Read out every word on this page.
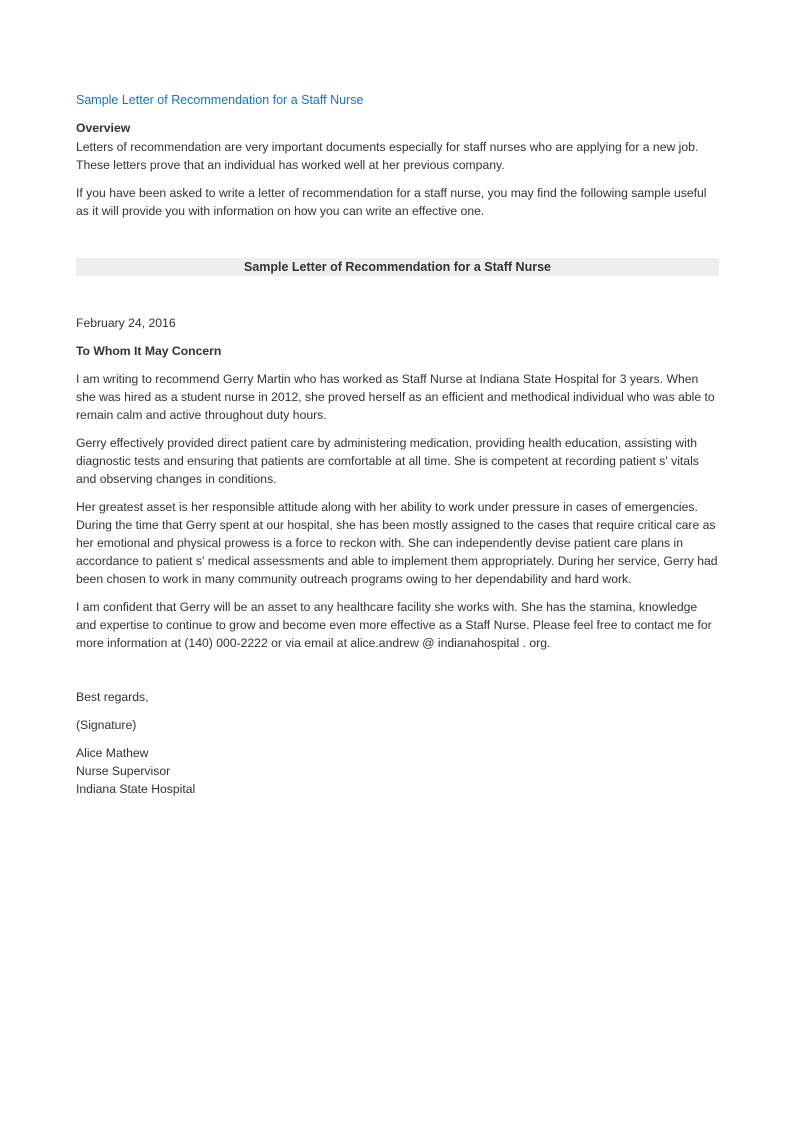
Sample Letter of Recommendation for a Staff Nurse
Overview

Letters of recommendation are very important documents especially for staff nurses who are applying for a new job. These letters prove that an individual has worked well at her previous company.

If you have been asked to write a letter of recommendation for a staff nurse, you may find the following sample useful as it will provide you with information on how you can write an effective one.

Sample Letter of Recommendation for a Staff Nurse
February 24, 2016
To Whom It May Concern

I am writing to recommend Gerry Martin who has worked as Staff Nurse at Indiana State Hospital for 3 years. When she was hired as a student nurse in 2012, she proved herself as an efficient and methodical individual who was able to remain calm and active throughout duty hours.

Gerry effectively provided direct patient care by administering medication, providing health education, assisting with diagnostic tests and ensuring that patients are comfortable at all time. She is competent at recording patient s' vitals and observing changes in conditions.

Her greatest asset is her responsible attitude along with her ability to work under pressure in cases of emergencies. During the time that Gerry spent at our hospital, she has been mostly assigned to the cases that require critical care as her emotional and physical prowess is a force to reckon with. She can independently devise patient care plans in accordance to patient s' medical assessments and able to implement them appropriately. During her service, Gerry had been chosen to work in many community outreach programs owing to her dependability and hard work.

I am confident that Gerry will be an asset to any healthcare facility she works with. She has the stamina, knowledge and expertise to continue to grow and become even more effective as a Staff Nurse. Please feel free to contact me for more information at (140) 000-2222 or via email at alice.andrew @ indianahospital . org.

Best regards,

(Signature)

Alice Mathew
Nurse Supervisor
Indiana State Hospital
